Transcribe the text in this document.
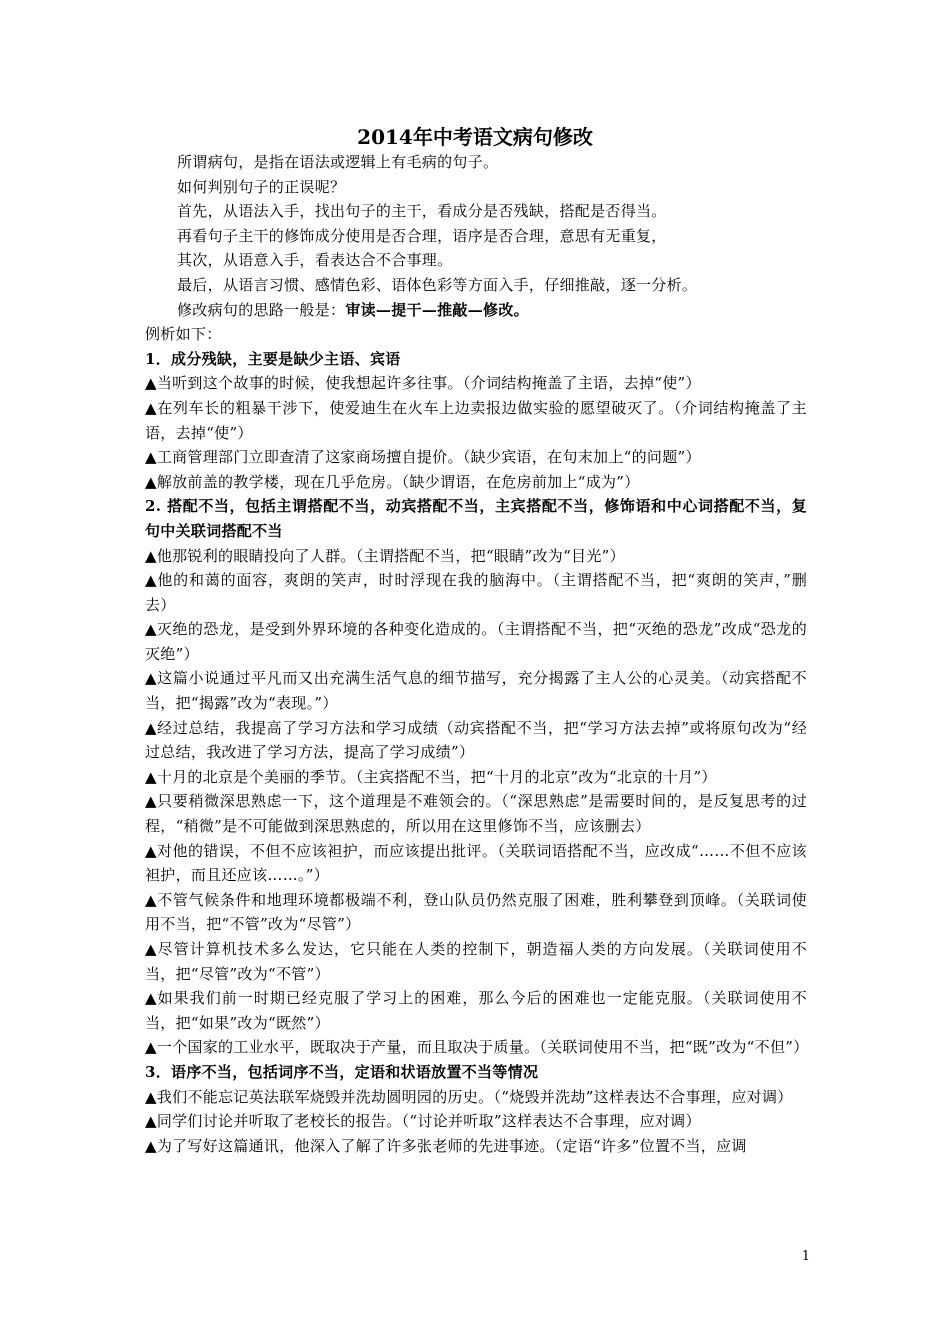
2014年中考语文病句修改

所谓病句，是指在语法或逻辑上有毛病的句子。

如何判别句子的正误呢？

首先，从语法入手，找出句子的主干，看成分是否残缺，搭配是否得当。

再看句子主干的修饰成分使用是否合理，语序是否合理，意思有无重复，

其次，从语意入手，看表达合不合事理。

最后，从语言习惯、感情色彩、语体色彩等方面入手，仔细推敲，逐一分析。

修改病句的思路一般是：审读—提干—推敲—修改。

例析如下：

1．成分残缺，主要是缺少主语、宾语

▲当听到这个故事的时候，使我想起许多往事。（介词结构掩盖了主语，去掉“使”）

▲在列车长的粗暴干涉下，使爱迪生在火车上边卖报边做实验的愿望破灭了。（介词结构掩盖了主语，去掉“使”）

▲工商管理部门立即查清了这家商场擅自提价。（缺少宾语，在句末加上“的问题”）

▲解放前盖的教学楼，现在几乎危房。（缺少谓语，在危房前加上“成为”）

2. 搭配不当，包括主谓搭配不当，动宾搭配不当，主宾搭配不当，修饰语和中心词搭配不当，复句中关联词搭配不当

▲他那锐利的眼睛投向了人群。（主谓搭配不当，把“眼睛”改为“目光”）

▲他的和蔼的面容，爽朗的笑声，时时浮现在我的脑海中。（主谓搭配不当，把“爽朗的笑声，”删去）

▲灭绝的恐龙，是受到外界环境的各种变化造成的。（主谓搭配不当，把“灭绝的恐龙”改成“恐龙的灭绝”）

▲这篇小说通过平凡而又出充满生活气息的细节描写，充分揭露了主人公的心灵美。（动宾搭配不当，把“揭露”改为“表现。”）

▲经过总结，我提高了学习方法和学习成绩（动宾搭配不当，把“学习方法去掉”或将原句改为“经过总结，我改进了学习方法，提高了学习成绩”）

▲十月的北京是个美丽的季节。（主宾搭配不当，把“十月的北京”改为“北京的十月”）

▲只要稍微深思熟虑一下，这个道理是不难领会的。（“深思熟虑”是需要时间的，是反复思考的过程，“稍微”是不可能做到深思熟虑的，所以用在这里修饰不当，应该删去）

▲对他的错误，不但不应该袒护，而应该提出批评。（关联词语搭配不当，应改成“……不但不应该袒护，而且还应该……。”）

▲不管气候条件和地理环境都极端不利，登山队员仍然克服了困难，胜利攀登到顶峰。（关联词使用不当，把“不管”改为“尽管”）

▲尽管计算机技术多么发达，它只能在人类的控制下，朝造福人类的方向发展。（关联词使用不当，把“尽管”改为“不管”）

▲如果我们前一时期已经克服了学习上的困难，那么今后的困难也一定能克服。（关联词使用不当，把“如果”改为“既然”）

▲一个国家的工业水平，既取决于产量，而且取决于质量。（关联词使用不当，把“既”改为“不但”）

3．语序不当，包括词序不当，定语和状语放置不当等情况

▲我们不能忘记英法联军烧毁并洗劫圆明园的历史。（“烧毁并洗劫”这样表达不合事理，应对调）

▲同学们讨论并听取了老校长的报告。（“讨论并听取”这样表达不合事理，应对调）

▲为了写好这篇通讯，他深入了解了许多张老师的先进事迹。（定语“许多”位置不当，应调

1
